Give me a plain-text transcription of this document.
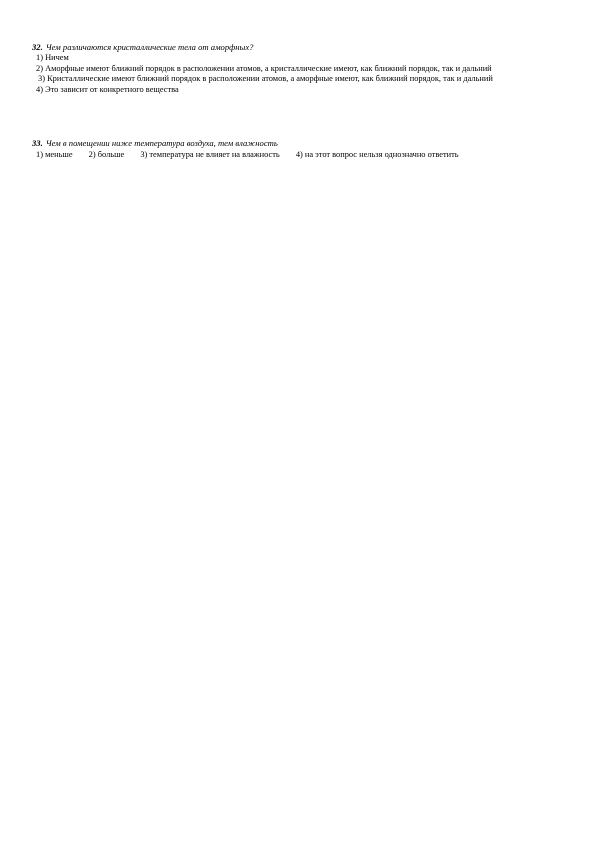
32. Чем различаются кристаллические тела от аморфных?
1) Ничем
2) Аморфные имеют ближний порядок в расположении атомов, а кристаллические имеют, как ближний порядок, так и дальний
3) Кристаллические имеют ближний порядок в расположении атомов, а аморфные имеют, как ближний порядок, так и дальний
4) Это зависит от конкретного вещества
33. Чем в помещении ниже температура воздуха, тем влажность
1) меньше 2) больше 3) температура не влияет на влажность 4) на этот вопрос нельзя однозначно ответить
